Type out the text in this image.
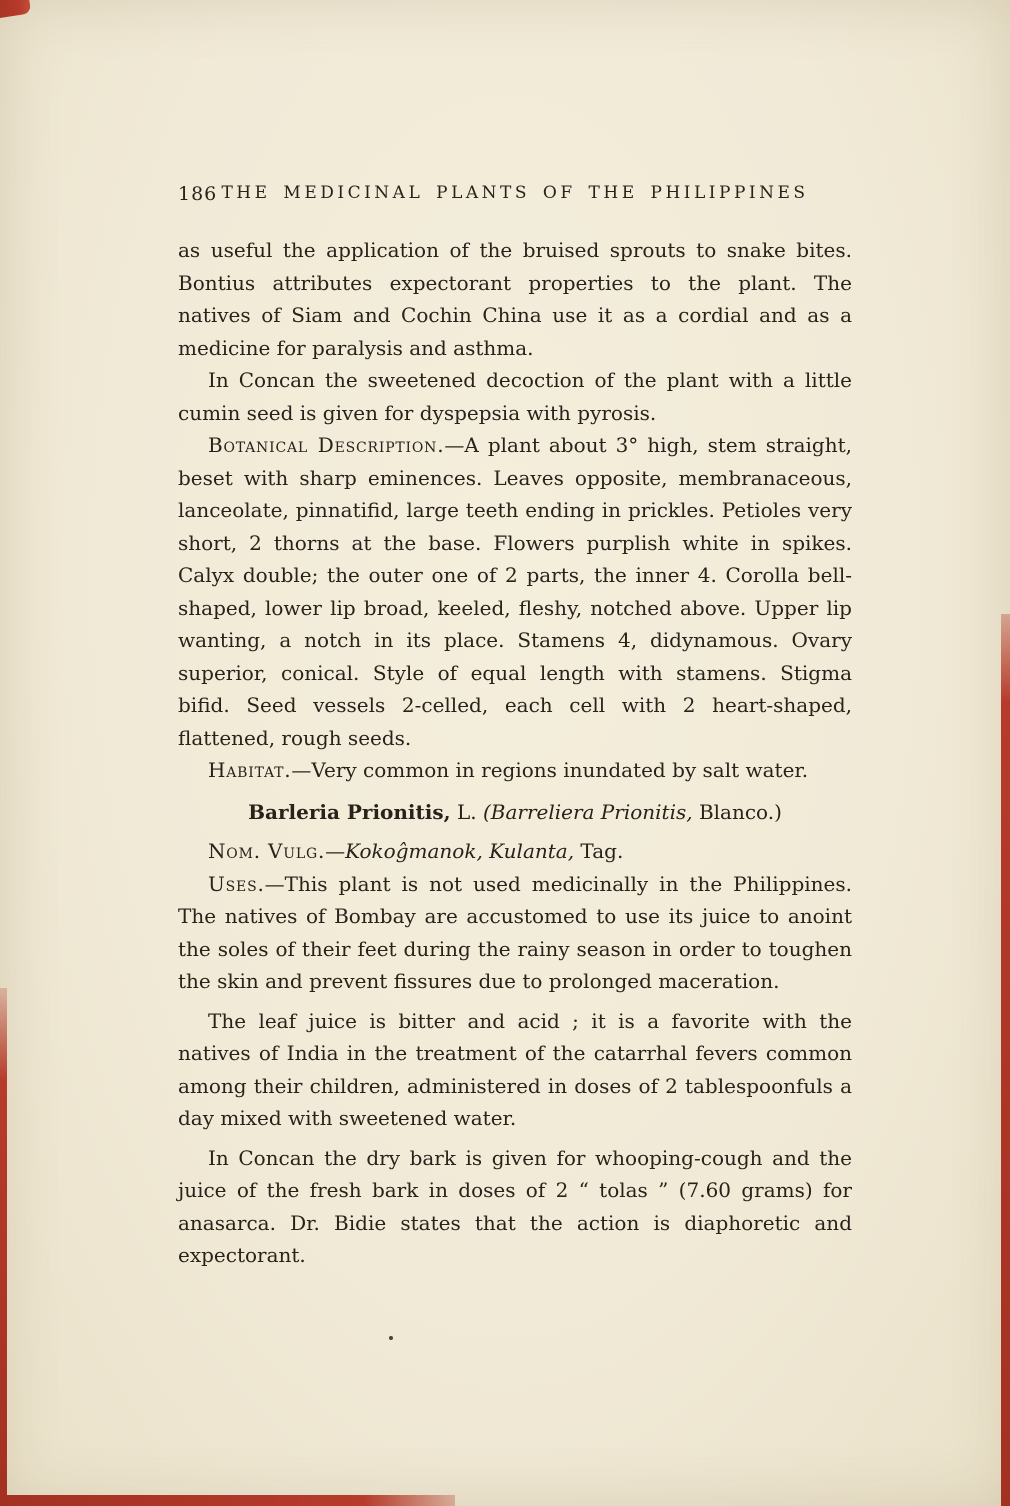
186 THE MEDICINAL PLANTS OF THE PHILIPPINES

as useful the application of the bruised sprouts to snake bites. Bontius attributes expectorant properties to the plant. The natives of Siam and Cochin China use it as a cordial and as a medicine for paralysis and asthma.

In Concan the sweetened decoction of the plant with a little cumin seed is given for dyspepsia with pyrosis.

Botanical Description.—A plant about 3° high, stem straight, beset with sharp eminences. Leaves opposite, membranaceous, lanceolate, pinnatifid, large teeth ending in prickles. Petioles very short, 2 thorns at the base. Flowers purplish white in spikes. Calyx double; the outer one of 2 parts, the inner 4. Corolla bell-shaped, lower lip broad, keeled, fleshy, notched above. Upper lip wanting, a notch in its place. Stamens 4, didynamous. Ovary superior, conical. Style of equal length with stamens. Stigma bifid. Seed vessels 2-celled, each cell with 2 heart-shaped, flattened, rough seeds.

Habitat.—Very common in regions inundated by salt water.

Barleria Prionitis, L. (Barreliera Prionitis, Blanco.)

Nom. Vulg.—Kokoĝmanok, Kulanta, Tag.

Uses.—This plant is not used medicinally in the Philippines. The natives of Bombay are accustomed to use its juice to anoint the soles of their feet during the rainy season in order to toughen the skin and prevent fissures due to prolonged maceration.

The leaf juice is bitter and acid ; it is a favorite with the natives of India in the treatment of the catarrhal fevers common among their children, administered in doses of 2 tablespoonfuls a day mixed with sweetened water.

In Concan the dry bark is given for whooping-cough and the juice of the fresh bark in doses of 2 “ tolas ” (7.60 grams) for anasarca. Dr. Bidie states that the action is diaphoretic and expectorant.
